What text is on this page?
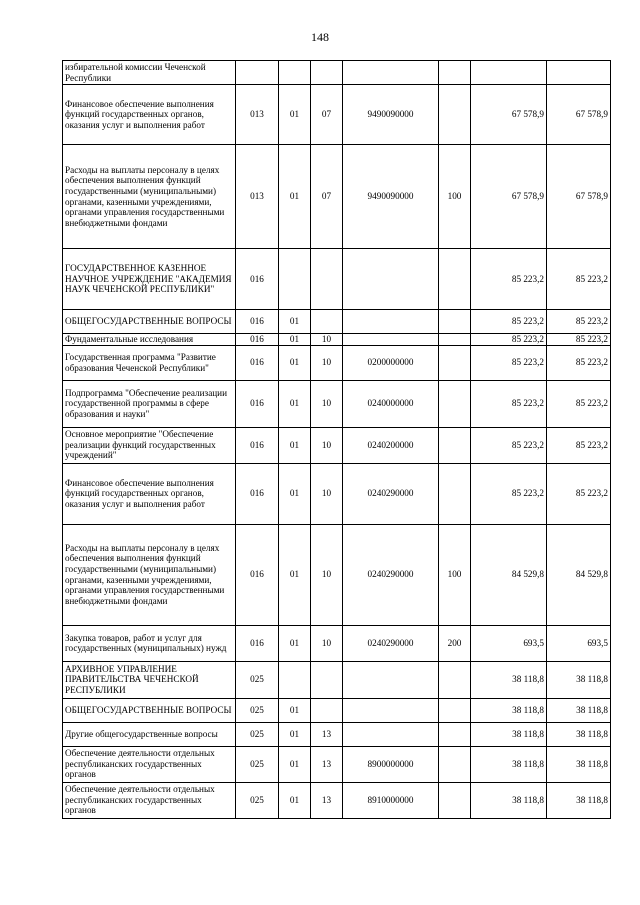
148
избирательной комиссии Чеченской Республики							
Финансовое обеспечение выполнения функций государственных органов, оказания услуг и выполнения работ	013	01	07	9490090000		67 578,9	67 578,9
Расходы на выплаты персоналу в целях обеспечения выполнения функций государственными (муниципальными) органами, казенными учреждениями, органами управления государственными внебюджетными фондами	013	01	07	9490090000	100	67 578,9	67 578,9
ГОСУДАРСТВЕННОЕ КАЗЕННОЕ НАУЧНОЕ УЧРЕЖДЕНИЕ "АКАДЕМИЯ НАУК ЧЕЧЕНСКОЙ РЕСПУБЛИКИ"	016					85 223,2	85 223,2
ОБЩЕГОСУДАРСТВЕННЫЕ ВОПРОСЫ	016	01				85 223,2	85 223,2
Фундаментальные исследования	016	01	10			85 223,2	85 223,2
Государственная программа "Развитие образования Чеченской Республики"	016	01	10	0200000000		85 223,2	85 223,2
Подпрограмма "Обеспечение реализации государственной программы в сфере образования и науки"	016	01	10	0240000000		85 223,2	85 223,2
Основное мероприятие "Обеспечение реализации функций государственных учреждений"	016	01	10	0240200000		85 223,2	85 223,2
Финансовое обеспечение выполнения функций государственных органов, оказания услуг и выполнения работ	016	01	10	0240290000		85 223,2	85 223,2
Расходы на выплаты персоналу в целях обеспечения выполнения функций государственными (муниципальными) органами, казенными учреждениями, органами управления государственными внебюджетными фондами	016	01	10	0240290000	100	84 529,8	84 529,8
Закупка товаров, работ и услуг для государственных (муниципальных) нужд	016	01	10	0240290000	200	693,5	693,5
АРХИВНОЕ УПРАВЛЕНИЕ ПРАВИТЕЛЬСТВА ЧЕЧЕНСКОЙ РЕСПУБЛИКИ	025					38 118,8	38 118,8
ОБЩЕГОСУДАРСТВЕННЫЕ ВОПРОСЫ	025	01				38 118,8	38 118,8
Другие общегосударственные вопросы	025	01	13			38 118,8	38 118,8
Обеспечение деятельности отдельных республиканских государственных органов	025	01	13	8900000000		38 118,8	38 118,8
Обеспечение деятельности отдельных республиканских государственных органов	025	01	13	8910000000		38 118,8	38 118,8
